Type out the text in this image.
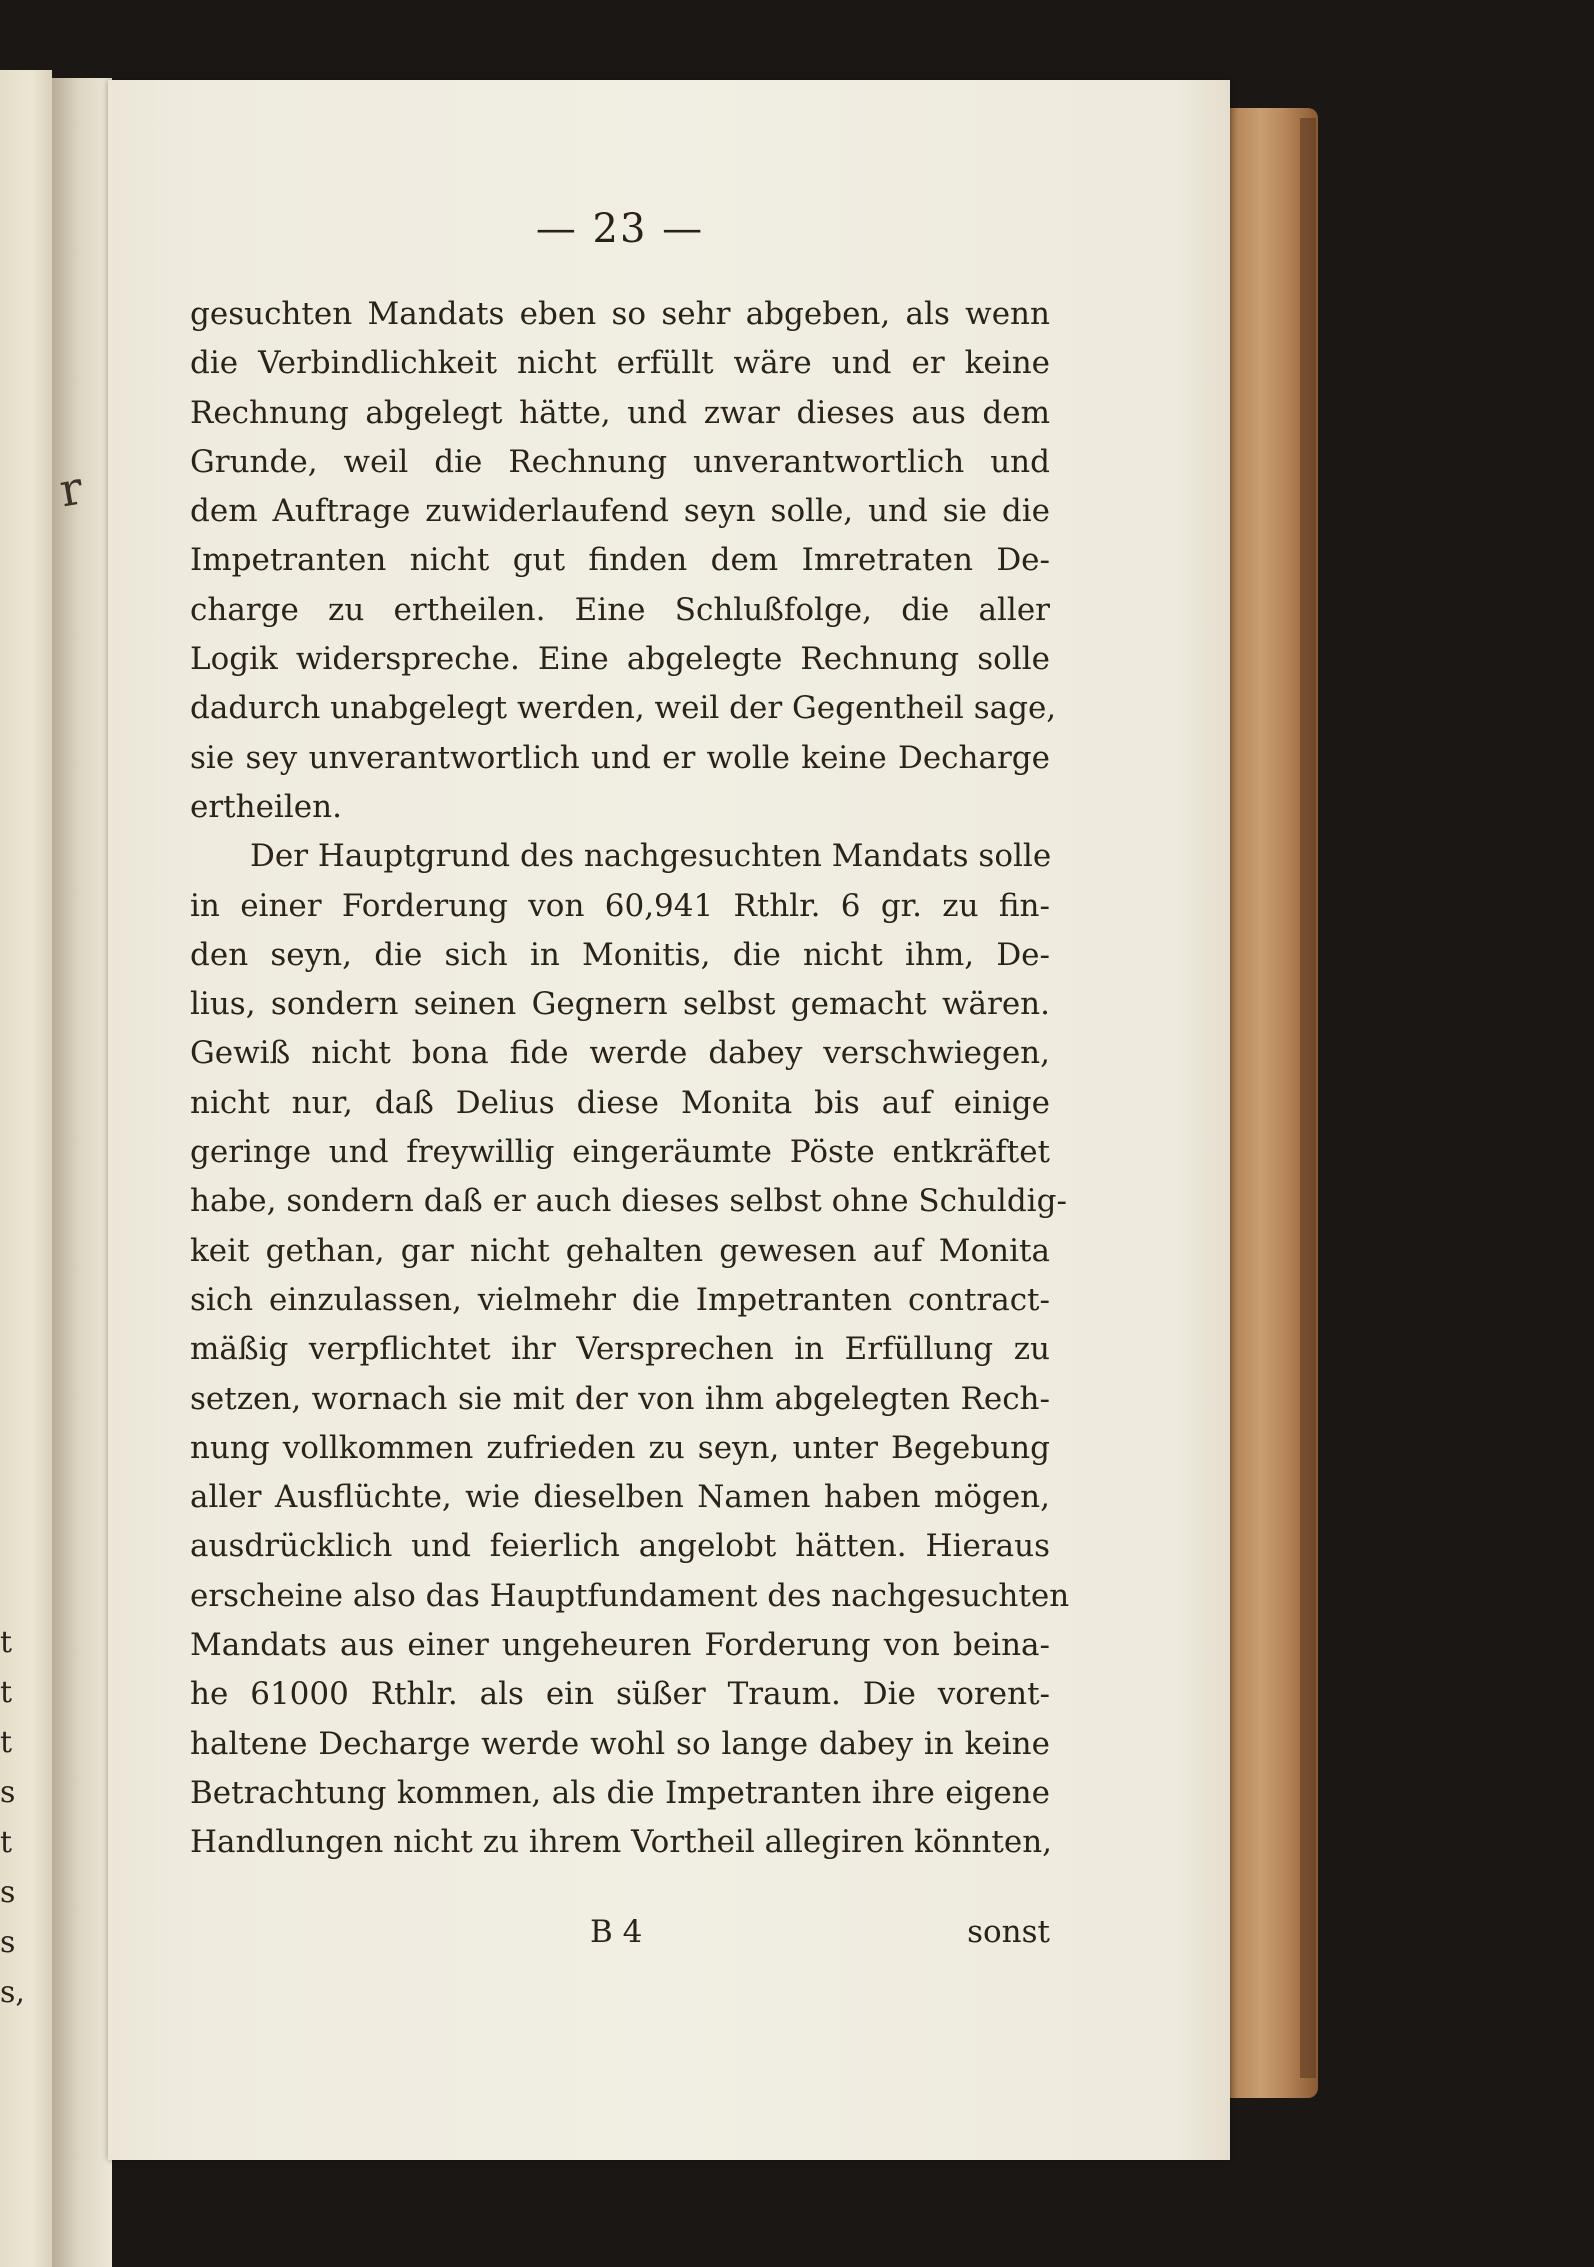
t
t
t
s
t
s
s
s,
r
— 23 —
gesuchten Mandats eben so sehr abgeben, als wenn
die Verbindlichkeit nicht erfüllt wäre und er keine
Rechnung abgelegt hätte, und zwar dieses aus dem
Grunde, weil die Rechnung unverantwortlich und
dem Auftrage zuwiderlaufend seyn solle, und sie die
Impetranten nicht gut finden dem Imretraten De-
charge zu ertheilen. Eine Schlußfolge, die aller
Logik widerspreche. Eine abgelegte Rechnung solle
dadurch unabgelegt werden, weil der Gegentheil sage,
sie sey unverantwortlich und er wolle keine Decharge
ertheilen.
Der Hauptgrund des nachgesuchten Mandats solle
in einer Forderung von 60,941 Rthlr. 6 gr. zu fin-
den seyn, die sich in Monitis, die nicht ihm, De-
lius, sondern seinen Gegnern selbst gemacht wären.
Gewiß nicht bona fide werde dabey verschwiegen,
nicht nur, daß Delius diese Monita bis auf einige
geringe und freywillig eingeräumte Pöste entkräftet
habe, sondern daß er auch dieses selbst ohne Schuldig-
keit gethan, gar nicht gehalten gewesen auf Monita
sich einzulassen, vielmehr die Impetranten contract-
mäßig verpflichtet ihr Versprechen in Erfüllung zu
setzen, wornach sie mit der von ihm abgelegten Rech-
nung vollkommen zufrieden zu seyn, unter Begebung
aller Ausflüchte, wie dieselben Namen haben mögen,
ausdrücklich und feierlich angelobt hätten. Hieraus
erscheine also das Hauptfundament des nachgesuchten
Mandats aus einer ungeheuren Forderung von beina-
he 61000 Rthlr. als ein süßer Traum. Die vorent-
haltene Decharge werde wohl so lange dabey in keine
Betrachtung kommen, als die Impetranten ihre eigene
Handlungen nicht zu ihrem Vortheil allegiren könnten,
B 4	sonst
